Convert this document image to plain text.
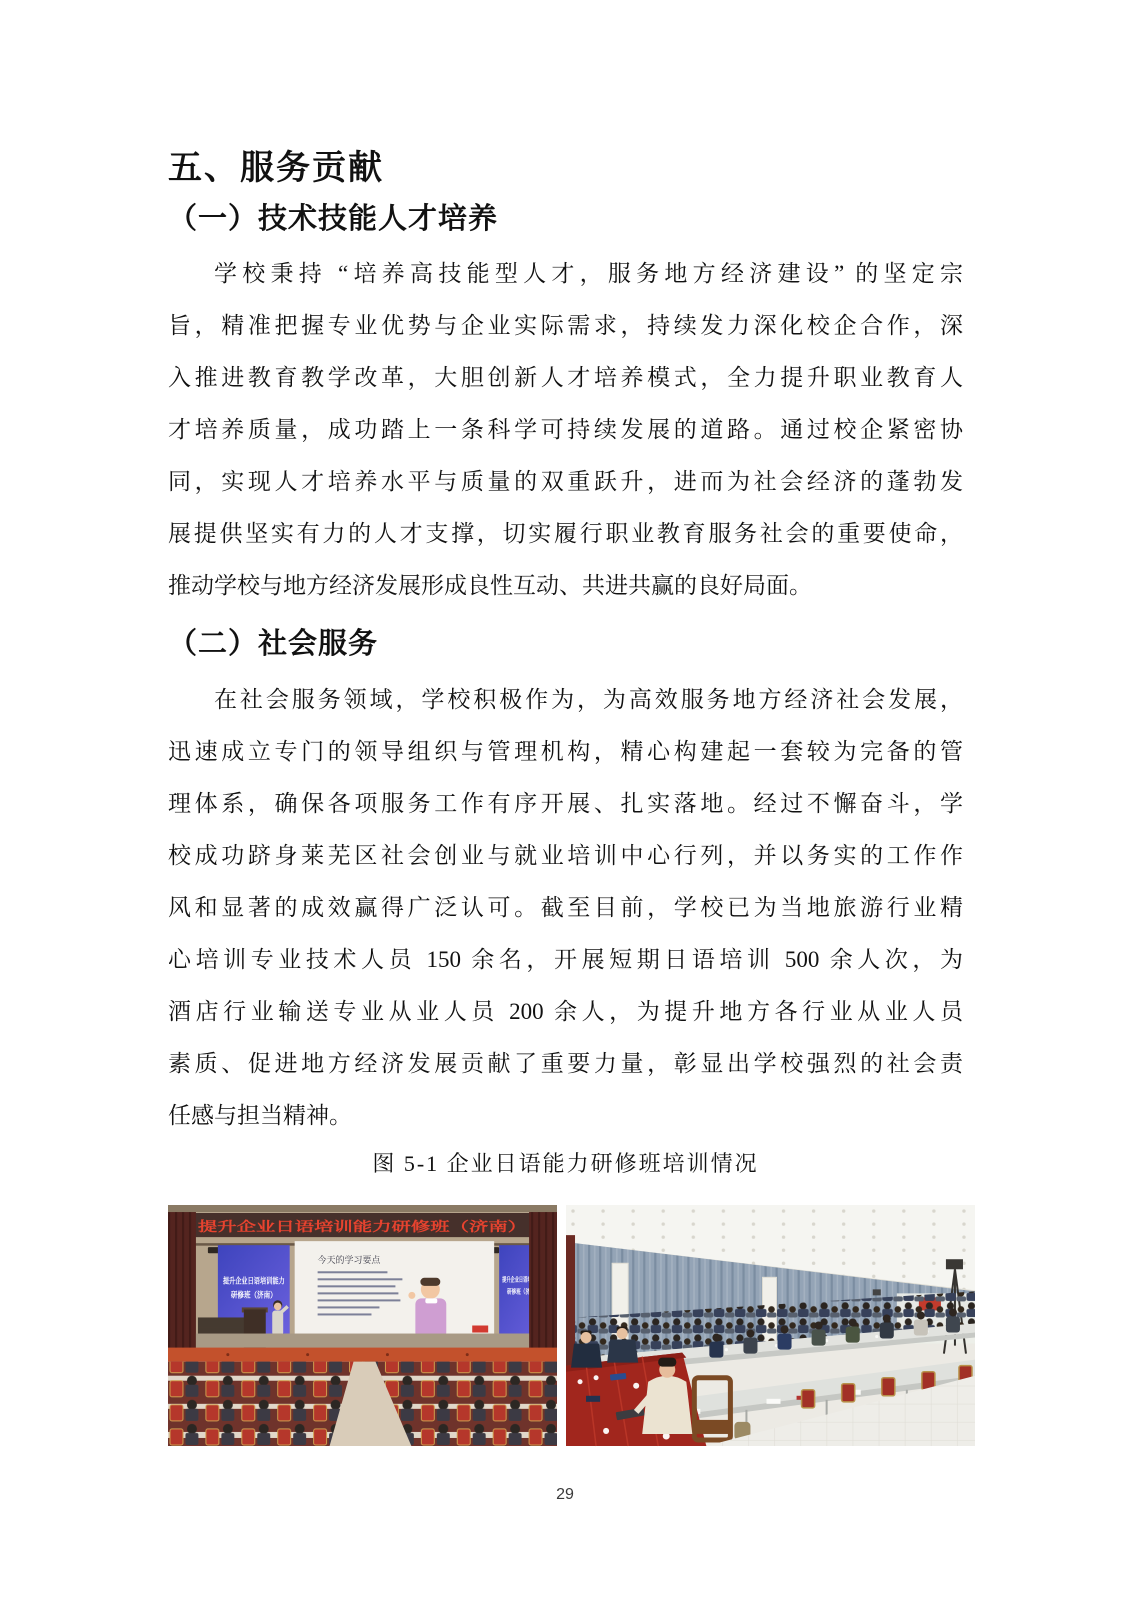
五、服务贡献
（一）技术技能人才培养
学校秉持 “培养高技能型人才，服务地方经济建设” 的坚定宗
旨，精准把握专业优势与企业实际需求，持续发力深化校企合作，深
入推进教育教学改革，大胆创新人才培养模式，全力提升职业教育人
才培养质量，成功踏上一条科学可持续发展的道路。通过校企紧密协
同，实现人才培养水平与质量的双重跃升，进而为社会经济的蓬勃发
展提供坚实有力的人才支撑，切实履行职业教育服务社会的重要使命，
推动学校与地方经济发展形成良性互动、共进共赢的良好局面。
（二）社会服务
在社会服务领域，学校积极作为，为高效服务地方经济社会发展，
迅速成立专门的领导组织与管理机构，精心构建起一套较为完备的管
理体系，确保各项服务工作有序开展、扎实落地。经过不懈奋斗，学
校成功跻身莱芜区社会创业与就业培训中心行列，并以务实的工作作
风和显著的成效赢得广泛认可。截至目前，学校已为当地旅游行业精
心培训专业技术人员 150 余名，开展短期日语培训 500 余人次，为
酒店行业输送专业从业人员 200 余人，为提升地方各行业从业人员
素质、促进地方经济发展贡献了重要力量，彰显出学校强烈的社会责
任感与担当精神。
图 5-1 企业日语能力研修班培训情况
提升企业日语培训能力研修班（济南）
提升企业日语培训能力
研修班（济南）
今天的学习要点
29
